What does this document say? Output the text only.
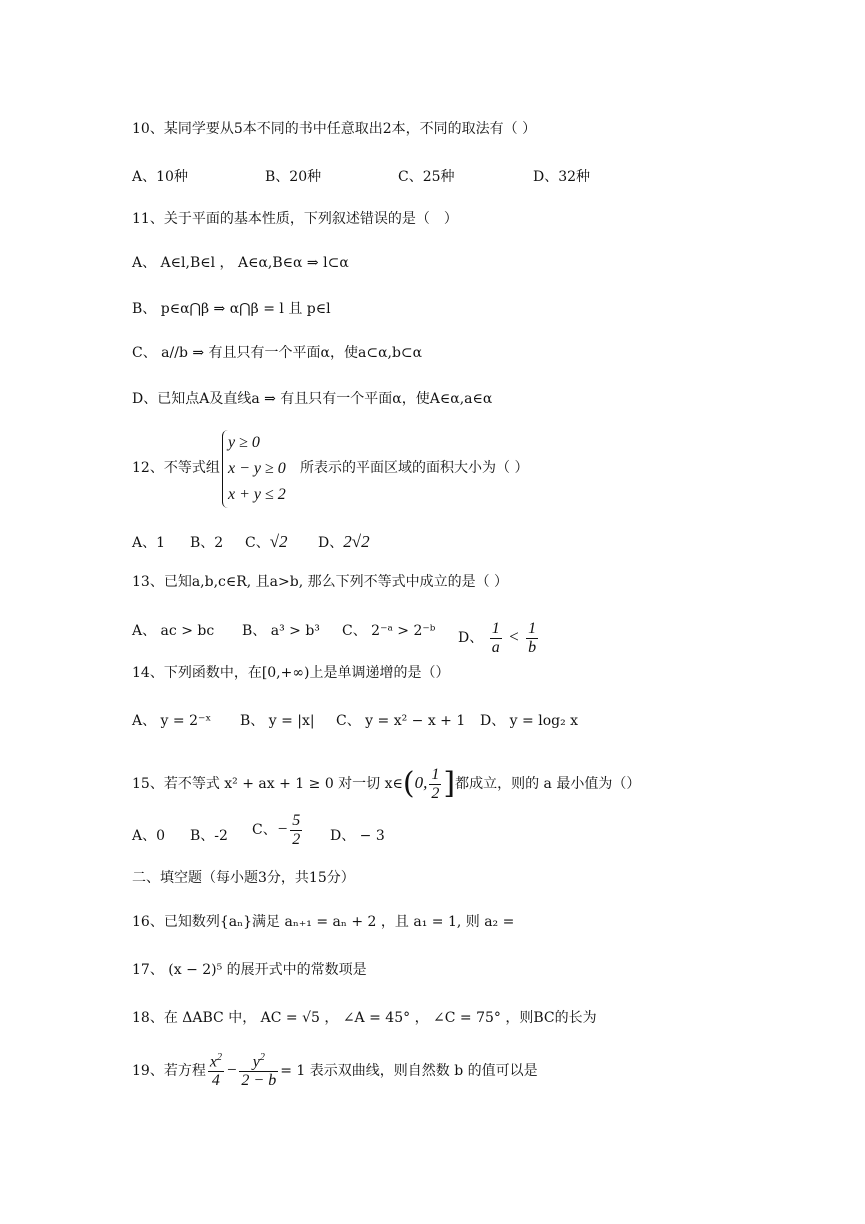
10、某同学要从5本不同的书中任意取出2本，不同的取法有（ ）
A、10种	B、20种	C、25种	D、32种
11、关于平面的基本性质，下列叙述错误的是（　）
A、 A∈l,B∈l ， A∈α,B∈α ⇒ l⊂α
B、 p∈α⋂β ⇒ α⋂β = l 且 p∈l
C、 a//b ⇒ 有且只有一个平面α，使a⊂α,b⊂α
D、已知点A及直线a ⇒ 有且只有一个平面α，使A∈α,a∈α
12、不等式组
y ≥ 0
x − y ≥ 0
x + y ≤ 2
所表示的平面区域的面积大小为（ ）
A、1 B、2 C、√2 D、2√2
13、已知a,b,c∈R, 且a>b, 那么下列不等式中成立的是（ ）
A、 ac > bc B、 a³ > b³ C、 2⁻ᵃ > 2⁻ᵇ D、 $\frac{1}{a} < \frac{1}{b}$
14、下列函数中，在[0,+∞)上是单调递增的是（）
A、 y = 2⁻ˣ B、 y = |x| C、 y = x² − x + 1 D、 y = log₂ x
15、若不等式 x² + ax + 1 ≥ 0 对一切 x∈(0, $\frac{1}{2}$ ]都成立，则的 a 最小值为（）
A、0 B、-2 C、− $\frac{5}{2}$ D、 − 3
二、填空题（每小题3分，共15分）
16、已知数列{aₙ}满足 aₙ₊₁ = aₙ + 2 ，且 a₁ = 1, 则 a₂ =
17、 (x − 2)⁵ 的展开式中的常数项是
18、在 ΔABC 中， AC = √5 ， ∠A = 45° ， ∠C = 75° ，则BC的长为
19、若方程 $\frac{x^2}{4} - \frac{y^2}{2 - b} = 1$ 表示双曲线，则自然数 b 的值可以是
